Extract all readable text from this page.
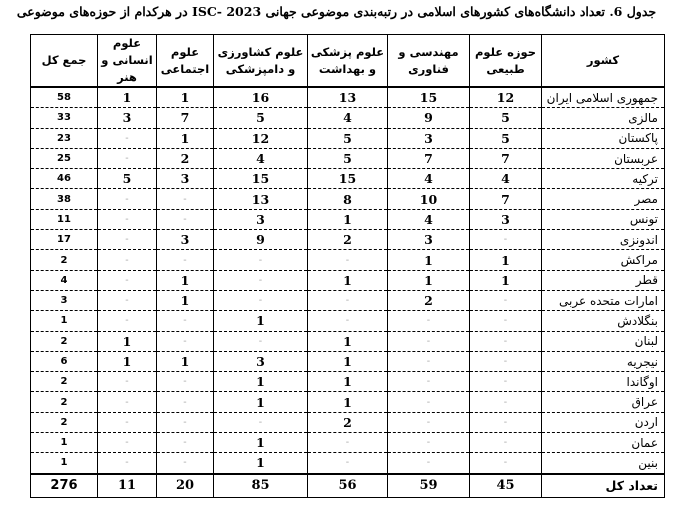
جدول 6. تعداد دانشگاه‌های کشورهای اسلامی در رتبه‌بندی موضوعی جهانی ISC- 2023 در هرکدام از حوزه‌های موضوعی
کشور	حوزه علوم طبیعی	مهندسی و فناوری	علوم پزشکی و بهداشت	علوم کشاورزی و دامپزشکی	علوم اجتماعی	علوم انسانی و هنر	جمع کل
جمهوری اسلامی ایران	12	15	13	16	1	1	58
مالزی	5	9	4	5	7	3	33
پاکستان	5	3	5	12	1	-	23
عربستان	7	7	5	4	2	-	25
ترکیه	4	4	15	15	3	5	46
مصر	7	10	8	13	-	-	38
تونس	3	4	1	3	-	-	11
اندونزی	-	3	2	9	3	-	17
مراکش	1	1	-	-	-	-	2
قطر	1	1	1	-	1	-	4
امارات متحده عربی	-	2	-	-	1	-	3
بنگلادش	-	-	-	1	-	-	1
لبنان	-	-	1	-	-	1	2
نیجریه	-	-	1	3	1	1	6
اوگاندا	-	-	1	1	-	-	2
عراق	-	-	1	1	-	-	2
اردن	-	-	2	-	-	-	2
عمان	-	-	-	1	-	-	1
بنین	-	-	-	1	-	-	1
تعداد کل	45	59	56	85	20	11	276
